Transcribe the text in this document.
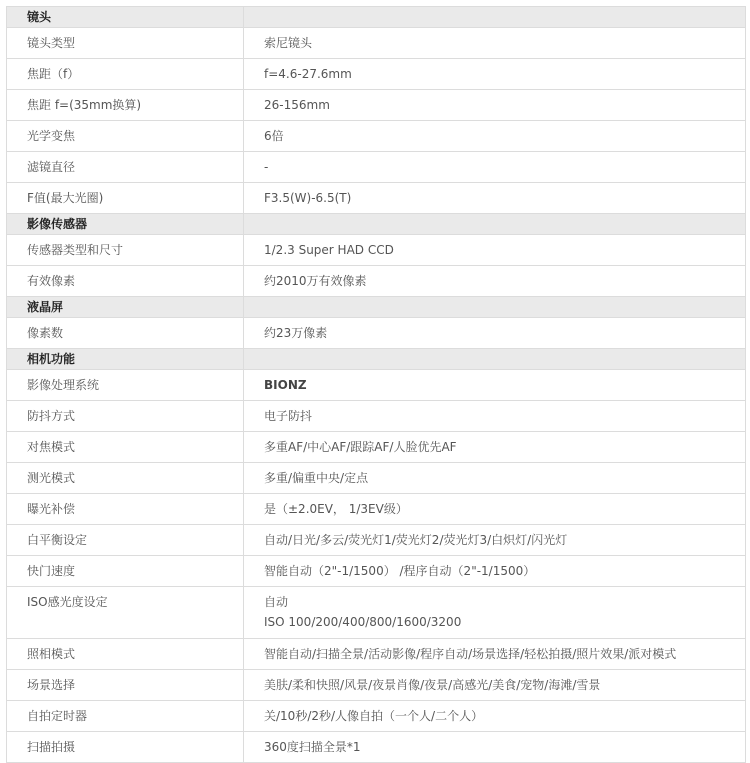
镜头	
镜头类型	索尼镜头

焦距（f）	f=4.6-27.6mm

焦距 f=(35mm换算)	26-156mm

光学变焦	6倍

滤镜直径	-

F值(最大光圈)	F3.5(W)-6.5(T)

影像传感器	
传感器类型和尺寸	1/2.3 Super HAD CCD

有效像素	约2010万有效像素

液晶屏	
像素数	约23万像素

相机功能	
影像处理系统	BIONZ

防抖方式	电子防抖

对焦模式	多重AF/中心AF/跟踪AF/人脸优先AF

测光模式	多重/偏重中央/定点

曝光补偿	是（±2.0EV， 1/3EV级）

白平衡设定	自动/日光/多云/荧光灯1/荧光灯2/荧光灯3/白炽灯/闪光灯

快门速度	智能自动（2"-1/1500） /程序自动（2"-1/1500）

ISO感光度设定	自动
ISO 100/200/400/800/1600/3200

照相模式	智能自动/扫描全景/活动影像/程序自动/场景选择/轻松拍摄/照片效果/派对模式

场景选择	美肤/柔和快照/风景/夜景肖像/夜景/高感光/美食/宠物/海滩/雪景

自拍定时器	关/10秒/2秒/人像自拍（一个人/二个人）

扫描拍摄	360度扫描全景*1
